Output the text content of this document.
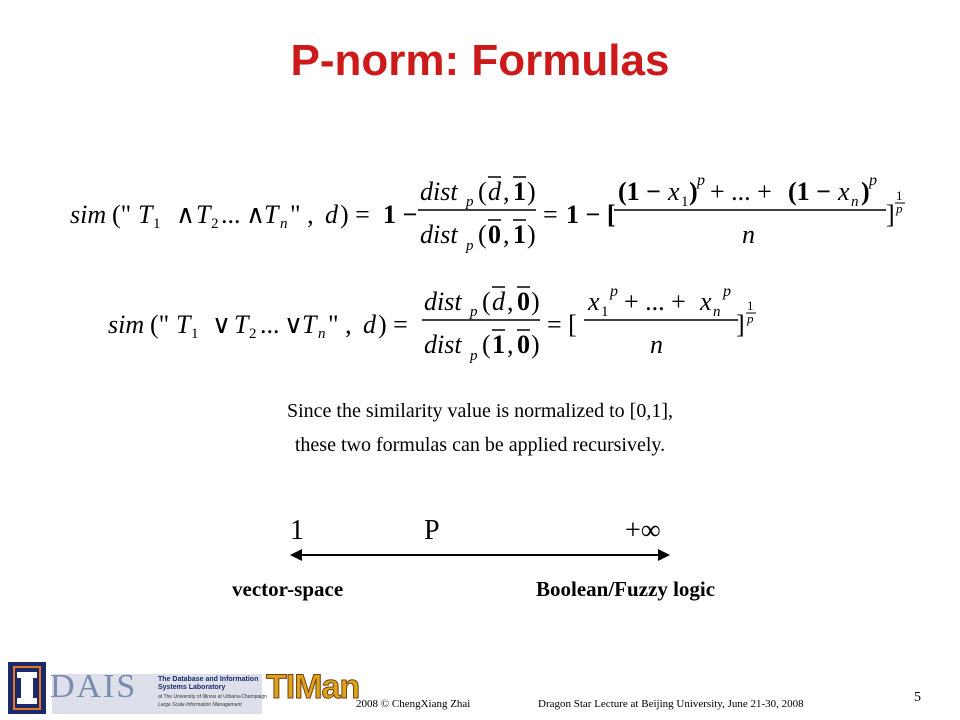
P-norm: Formulas
sim (" T 1 ∧ T 2 ... ∧
T n " , d ) = 1 −
dist p ( d , 1 )
dist p ( 0 , 1 )
= 1 − [
(1 − x 1 ) p + ... + (1 − x n ) p
n
]
1
p
sim (" T 1 ∨ T 2 ... ∨
T n " , d ) =
dist p ( d , 0 )
dist p ( 1 , 0 )
= [
x 1
p + ... + x n
p
n
]
1
p
Since the similarity value is normalized to [0,1],
these two formulas can be applied recursively.
1	P	+∞
vector-space	Boolean/Fuzzy logic
DAIS	The Database and Information Systems Laboratory
at The University of Illinois at Urbana-Champaign
Large Scale Information Management TIMan
2008 © ChengXiang Zhai	Dragon Star Lecture at Beijing University, June 21-30, 2008	5
